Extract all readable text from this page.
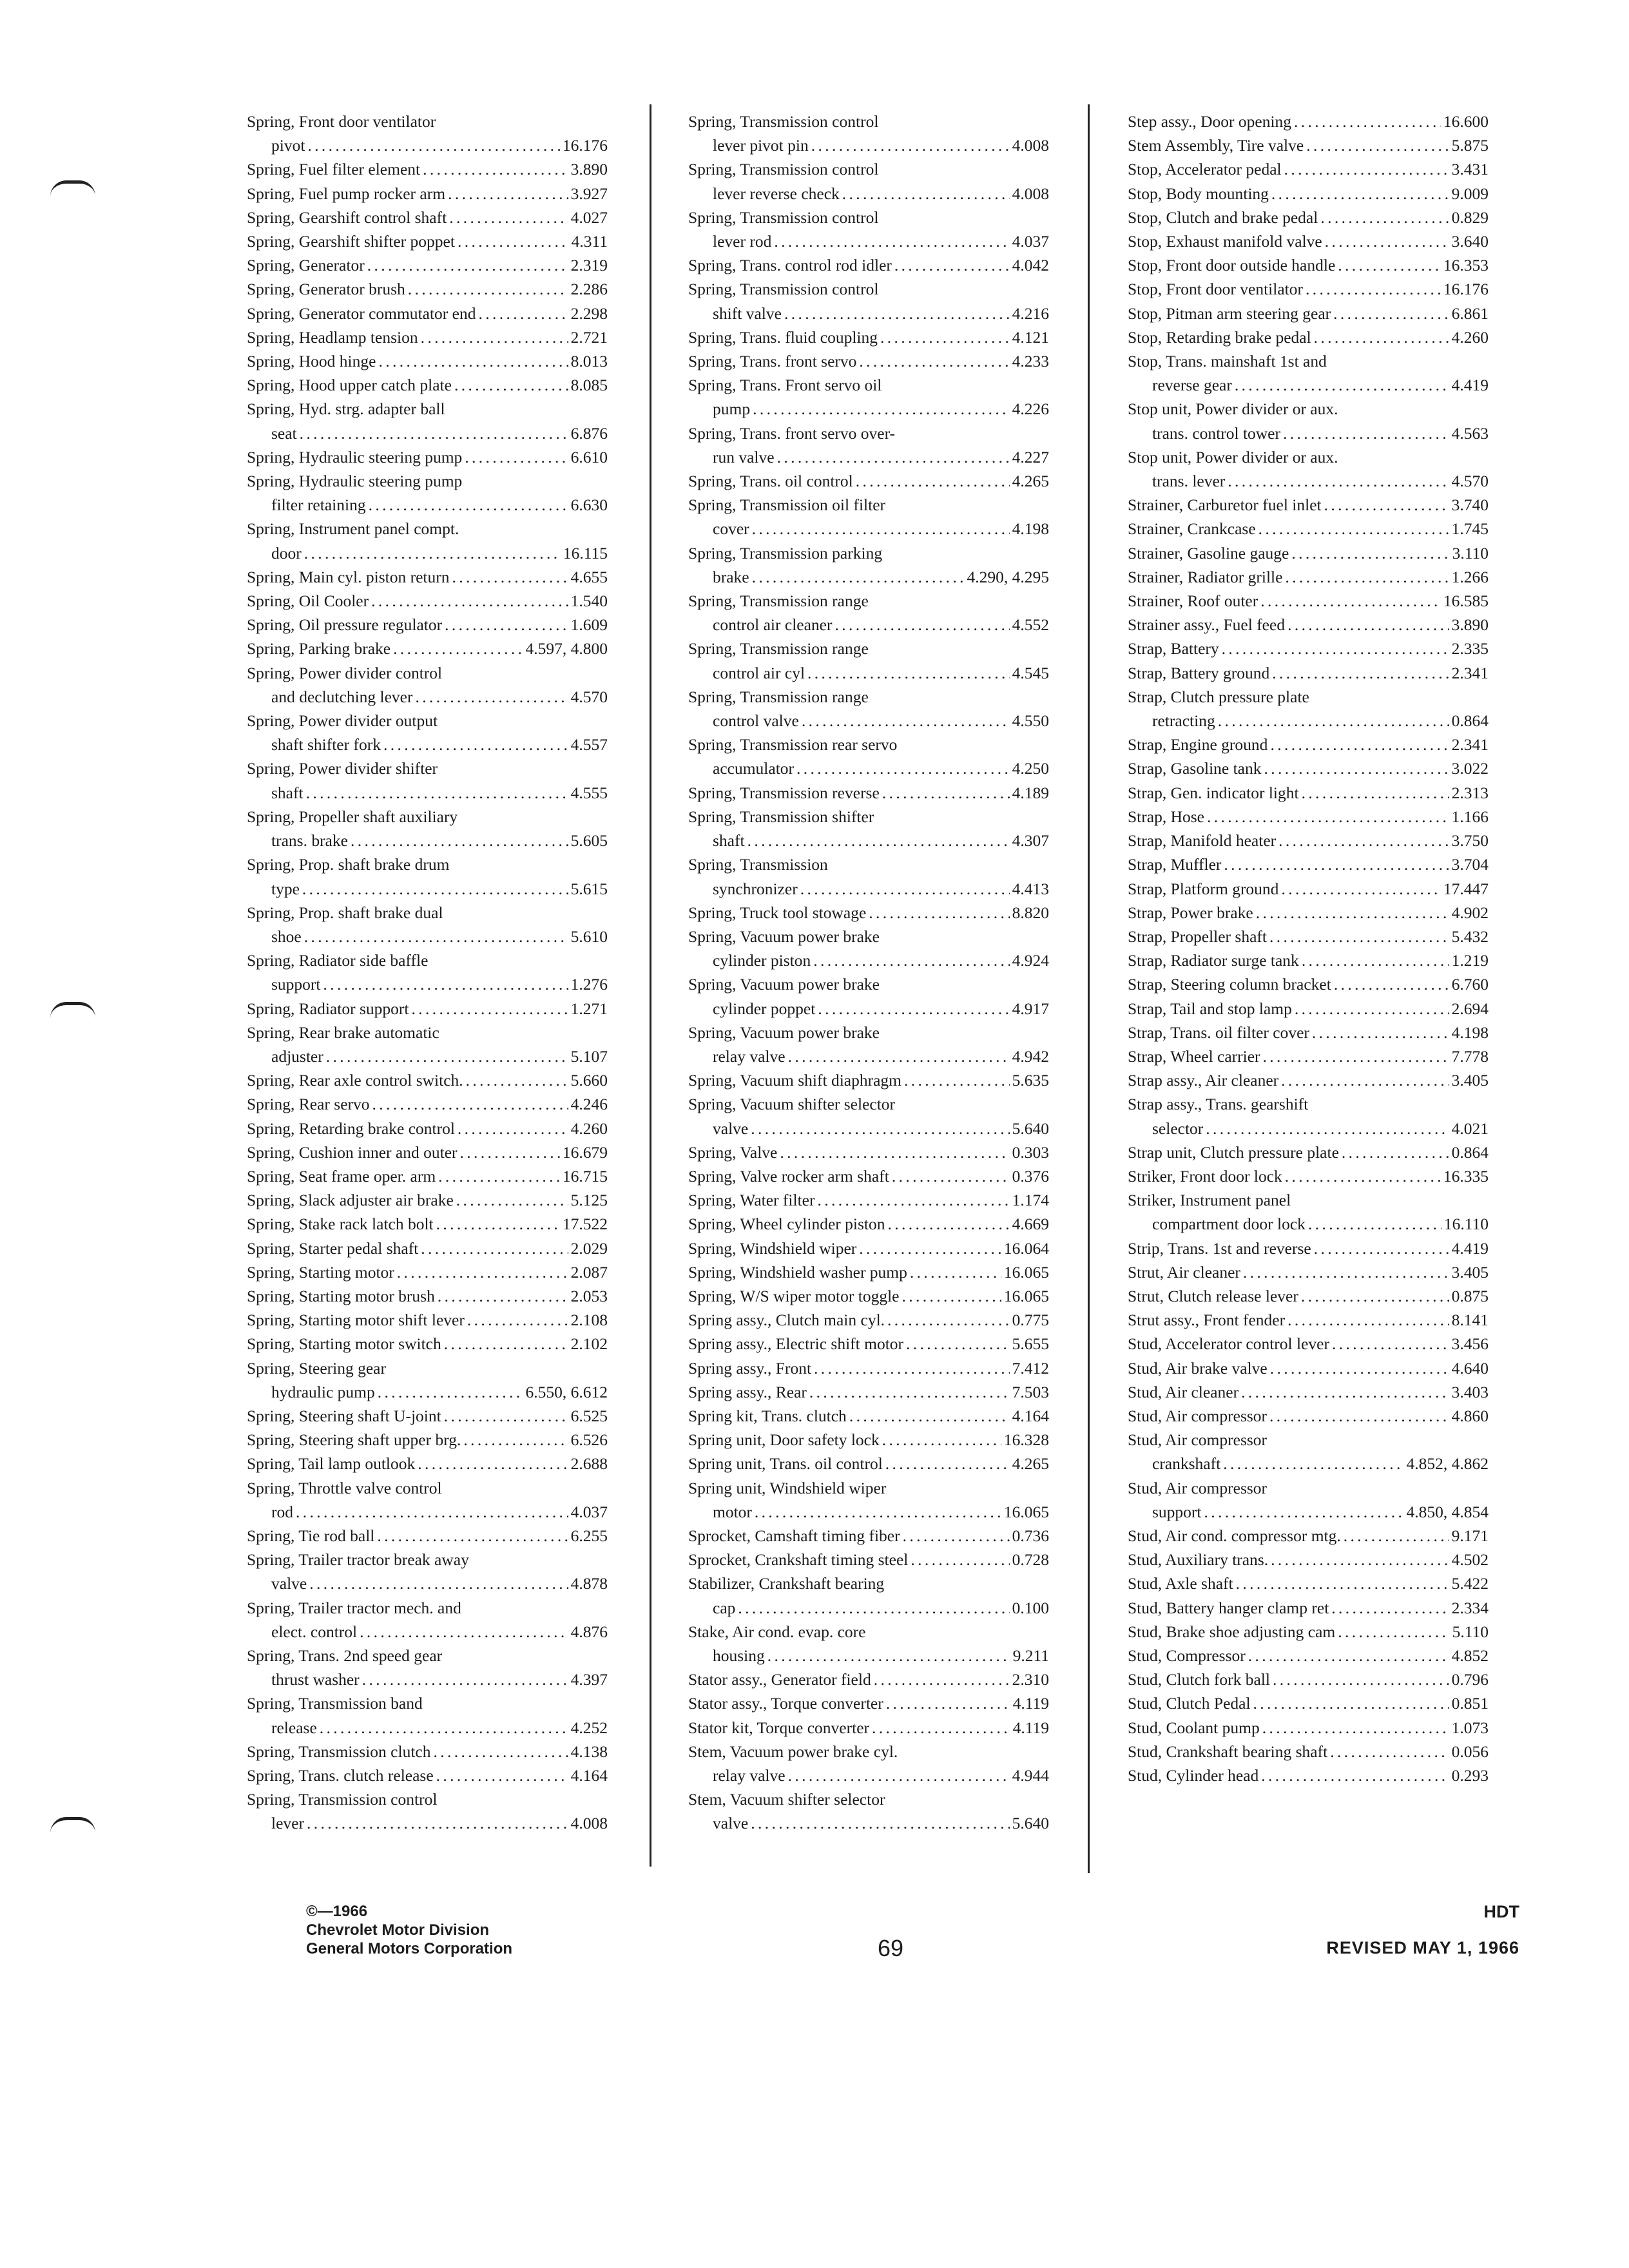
Spring, Front door ventilator
pivot . . .	16.176
Spring, Fuel filter element . . .	3.890
Spring, Fuel pump rocker arm . . .	3.927
Spring, Gearshift control shaft . . .	4.027
Spring, Gearshift shifter poppet . . .	4.311
Spring, Generator . . .	2.319
Spring, Generator brush . . .	2.286
Spring, Generator commutator end . . .	2.298
Spring, Headlamp tension . . .	2.721
Spring, Hood hinge . . .	8.013
Spring, Hood upper catch plate . . .	8.085
Spring, Hyd. strg. adapter ball
seat . . .	6.876
Spring, Hydraulic steering pump . . .	6.610
Spring, Hydraulic steering pump
filter retaining . . .	6.630
Spring, Instrument panel compt.
door . . .	16.115
Spring, Main cyl. piston return . . .	4.655
Spring, Oil Cooler . . .	1.540
Spring, Oil pressure regulator . . .	1.609
Spring, Parking brake . . .	4.597, 4.800
Spring, Power divider control
and declutching lever . . .	4.570
Spring, Power divider output
shaft shifter fork . . .	4.557
Spring, Power divider shifter
shaft . . .	4.555
Spring, Propeller shaft auxiliary
trans. brake . . .	5.605
Spring, Prop. shaft brake drum
type . . .	5.615
Spring, Prop. shaft brake dual
shoe . . .	5.610
Spring, Radiator side baffle
support . . .	1.276
Spring, Radiator support . . .	1.271
Spring, Rear brake automatic
adjuster . . .	5.107
Spring, Rear axle control switch. . . .	5.660
Spring, Rear servo . . .	4.246
Spring, Retarding brake control . . .	4.260
Spring, Cushion inner and outer . . .	16.679
Spring, Seat frame oper. arm . . .	16.715
Spring, Slack adjuster air brake . . .	5.125
Spring, Stake rack latch bolt . . .	17.522
Spring, Starter pedal shaft . . .	2.029
Spring, Starting motor . . .	2.087
Spring, Starting motor brush . . .	2.053
Spring, Starting motor shift lever . . .	2.108
Spring, Starting motor switch . . .	2.102
Spring, Steering gear
hydraulic pump . . .	6.550, 6.612
Spring, Steering shaft U-joint . . .	6.525
Spring, Steering shaft upper brg. . . .	6.526
Spring, Tail lamp outlook . . .	2.688
Spring, Throttle valve control
rod . . .	4.037
Spring, Tie rod ball . . .	6.255
Spring, Trailer tractor break away
valve . . .	4.878
Spring, Trailer tractor mech. and
elect. control . . .	4.876
Spring, Trans. 2nd speed gear
thrust washer . . .	4.397
Spring, Transmission band
release . . .	4.252
Spring, Transmission clutch . . .	4.138
Spring, Trans. clutch release . . .	4.164
Spring, Transmission control
lever . . .	4.008
Spring, Transmission control
lever pivot pin . . .	4.008
Spring, Transmission control
lever reverse check . . .	4.008
Spring, Transmission control
lever rod . . .	4.037
Spring, Trans. control rod idler . . .	4.042
Spring, Transmission control
shift valve . . .	4.216
Spring, Trans. fluid coupling . . .	4.121
Spring, Trans. front servo . . .	4.233
Spring, Trans. Front servo oil
pump . . .	4.226
Spring, Trans. front servo over-
run valve . . .	4.227
Spring, Trans. oil control . . .	4.265
Spring, Transmission oil filter
cover . . .	4.198
Spring, Transmission parking
brake . . .	4.290, 4.295
Spring, Transmission range
control air cleaner . . .	4.552
Spring, Transmission range
control air cyl . . .	4.545
Spring, Transmission range
control valve . . .	4.550
Spring, Transmission rear servo
accumulator . . .	4.250
Spring, Transmission reverse . . .	4.189
Spring, Transmission shifter
shaft . . .	4.307
Spring, Transmission
synchronizer . . .	4.413
Spring, Truck tool stowage . . .	8.820
Spring, Vacuum power brake
cylinder piston . . .	4.924
Spring, Vacuum power brake
cylinder poppet . . .	4.917
Spring, Vacuum power brake
relay valve . . .	4.942
Spring, Vacuum shift diaphragm . . .	5.635
Spring, Vacuum shifter selector
valve . . .	5.640
Spring, Valve . . .	0.303
Spring, Valve rocker arm shaft . . .	0.376
Spring, Water filter . . .	1.174
Spring, Wheel cylinder piston . . .	4.669
Spring, Windshield wiper . . .	16.064
Spring, Windshield washer pump . . .	16.065
Spring, W/S wiper motor toggle . . .	16.065
Spring assy., Clutch main cyl. . . .	0.775
Spring assy., Electric shift motor . . .	5.655
Spring assy., Front . . .	7.412
Spring assy., Rear . . .	7.503
Spring kit, Trans. clutch . . .	4.164
Spring unit, Door safety lock . . .	16.328
Spring unit, Trans. oil control . . .	4.265
Spring unit, Windshield wiper
motor . . .	16.065
Sprocket, Camshaft timing fiber . . .	0.736
Sprocket, Crankshaft timing steel . . .	0.728
Stabilizer, Crankshaft bearing
cap . . .	0.100
Stake, Air cond. evap. core
housing . . .	9.211
Stator assy., Generator field . . .	2.310
Stator assy., Torque converter . . .	4.119
Stator kit, Torque converter . . .	4.119
Stem, Vacuum power brake cyl.
relay valve . . .	4.944
Stem, Vacuum shifter selector
valve . . .	5.640
Step assy., Door opening . . .	16.600
Stem Assembly, Tire valve . . .	5.875
Stop, Accelerator pedal . . .	3.431
Stop, Body mounting . . .	9.009
Stop, Clutch and brake pedal . . .	0.829
Stop, Exhaust manifold valve . . .	3.640
Stop, Front door outside handle . . .	16.353
Stop, Front door ventilator . . .	16.176
Stop, Pitman arm steering gear . . .	6.861
Stop, Retarding brake pedal . . .	4.260
Stop, Trans. mainshaft 1st and
reverse gear . . .	4.419
Stop unit, Power divider or aux.
trans. control tower . . .	4.563
Stop unit, Power divider or aux.
trans. lever . . .	4.570
Strainer, Carburetor fuel inlet . . .	3.740
Strainer, Crankcase . . .	1.745
Strainer, Gasoline gauge . . .	3.110
Strainer, Radiator grille . . .	1.266
Strainer, Roof outer . . .	16.585
Strainer assy., Fuel feed . . .	3.890
Strap, Battery . . .	2.335
Strap, Battery ground . . .	2.341
Strap, Clutch pressure plate
retracting . . .	0.864
Strap, Engine ground . . .	2.341
Strap, Gasoline tank . . .	3.022
Strap, Gen. indicator light . . .	2.313
Strap, Hose . . .	1.166
Strap, Manifold heater . . .	3.750
Strap, Muffler . . .	3.704
Strap, Platform ground . . .	17.447
Strap, Power brake . . .	4.902
Strap, Propeller shaft . . .	5.432
Strap, Radiator surge tank . . .	1.219
Strap, Steering column bracket . . .	6.760
Strap, Tail and stop lamp . . .	2.694
Strap, Trans. oil filter cover . . .	4.198
Strap, Wheel carrier . . .	7.778
Strap assy., Air cleaner . . .	3.405
Strap assy., Trans. gearshift
selector . . .	4.021
Strap unit, Clutch pressure plate . . .	0.864
Striker, Front door lock . . .	16.335
Striker, Instrument panel
compartment door lock . . .	16.110
Strip, Trans. 1st and reverse . . .	4.419
Strut, Air cleaner . . .	3.405
Strut, Clutch release lever . . .	0.875
Strut assy., Front fender . . .	8.141
Stud, Accelerator control lever . . .	3.456
Stud, Air brake valve . . .	4.640
Stud, Air cleaner . . .	3.403
Stud, Air compressor . . .	4.860
Stud, Air compressor
crankshaft . . .	4.852, 4.862
Stud, Air compressor
support . . .	4.850, 4.854
Stud, Air cond. compressor mtg. . . .	9.171
Stud, Auxiliary trans. . . .	4.502
Stud, Axle shaft . . .	5.422
Stud, Battery hanger clamp ret . . .	2.334
Stud, Brake shoe adjusting cam . . .	5.110
Stud, Compressor . . .	4.852
Stud, Clutch fork ball . . .	0.796
Stud, Clutch Pedal . . .	0.851
Stud, Coolant pump . . .	1.073
Stud, Crankshaft bearing shaft . . .	0.056
Stud, Cylinder head . . .	0.293
©—1966
Chevrolet Motor Division
General Motors Corporation	69
HDT
REVISED MAY 1, 1966
